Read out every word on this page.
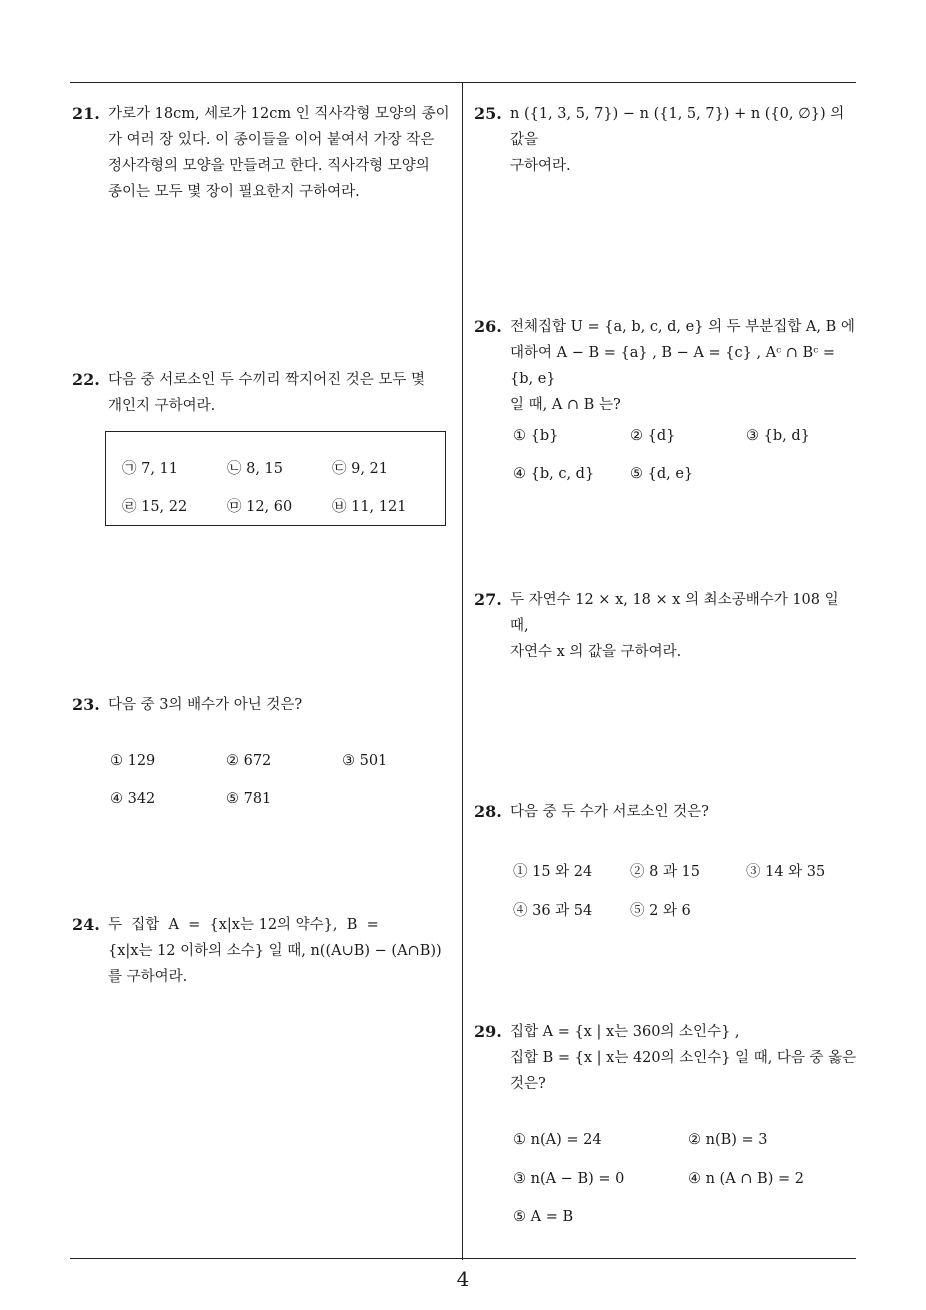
21. 가로가 18cm, 세로가 12cm 인 직사각형 모양의 종이

가 여러 장 있다. 이 종이들을 이어 붙여서 가장 작은

정사각형의 모양을 만들려고 한다. 직사각형 모양의

종이는 모두 몇 장이 필요한지 구하여라.

22. 다음 중 서로소인 두 수끼리 짝지어진 것은 모두 몇

개인지 구하여라.

㉠ 7, 11	㉡ 8, 15	㉢ 9, 21
㉣ 15, 22	㉤ 12, 60	㉥ 11, 121
23. 다음 중 3의 배수가 아닌 것은?

① 129	② 672	③ 501
④ 342	⑤ 781
24. 두  집합  A  =  {x|x는 12의 약수},  B  =

{x|x는 12 이하의 소수} 일 때, n((A∪B) − (A∩B))

를 구하여라.

25. n ({1, 3, 5, 7}) − n ({1, 5, 7}) + n ({0, ∅}) 의 값을

구하여라.

26. 전체집합 U = {a, b, c, d, e} 의 두 부분집합 A, B 에

대하여 A − B = {a} , B − A = {c} , Aᶜ ∩ Bᶜ = {b, e}

일 때, A ∩ B 는?

① {b}	② {d}	③ {b, d}
④ {b, c, d} ⑤ {d, e}
27. 두 자연수 12 × x, 18 × x 의 최소공배수가 108 일 때,

자연수 x 의 값을 구하여라.

28. 다음 중 두 수가 서로소인 것은?

① 15 와 24	② 8 과 15	③ 14 와 35
④ 36 과 54	⑤ 2 와 6
29. 집합 A = {x | x는 360의 소인수} ,

집합 B = {x | x는 420의 소인수} 일 때, 다음 중 옳은

것은?

① n(A) = 24	② n(B) = 3
③ n(A − B) = 0	④ n (A ∩ B) = 2
⑤ A = B
4
